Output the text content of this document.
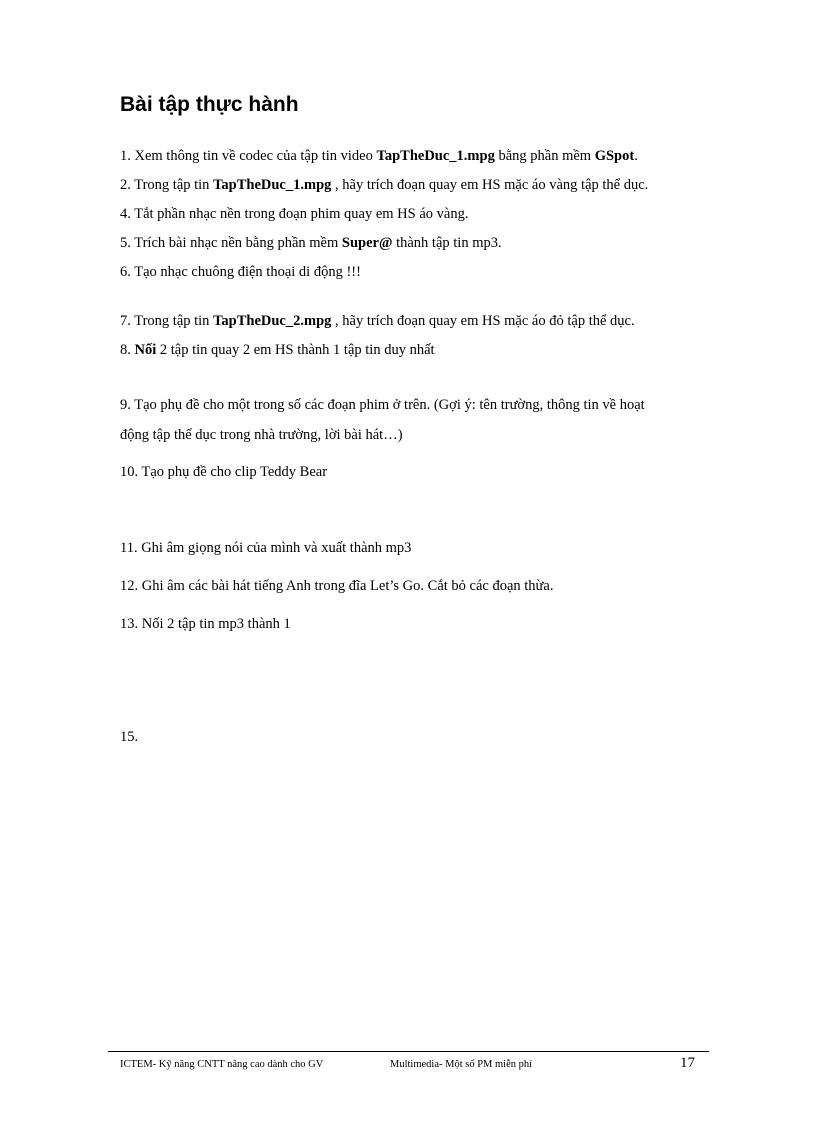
Bài tập thực hành
1. Xem thông tin về codec của tập tin video TapTheDuc_1.mpg bằng phần mềm GSpot.
2. Trong tập tin TapTheDuc_1.mpg , hãy trích đoạn quay em HS mặc áo vàng tập thể dục.
4. Tắt phần nhạc nền trong đoạn phim quay em HS áo vàng.
5. Trích bài nhạc nền bằng phần mềm Super@ thành tập tin mp3.
6. Tạo nhạc chuông điện thoại di động !!!
7. Trong tập tin TapTheDuc_2.mpg , hãy trích đoạn quay em HS mặc áo đỏ tập thể dục.
8. Nối 2 tập tin quay 2 em HS thành 1 tập tin duy nhất
9. Tạo phụ đề cho một trong số các đoạn phim ở trên. (Gợi ý: tên trường, thông tin về hoạt
động tập thể dục trong nhà trường, lời bài hát…)
10. Tạo phụ đề cho clip Teddy Bear
11. Ghi âm giọng nói của mình và xuất thành mp3
12. Ghi âm các bài hát tiếng Anh trong đĩa Let’s Go. Cắt bỏ các đoạn thừa.
13. Nối 2 tập tin mp3 thành 1
15.
ICTEM- Kỹ năng CNTT nâng cao dành cho GV	Multimedia- Một số PM miễn phí	17
